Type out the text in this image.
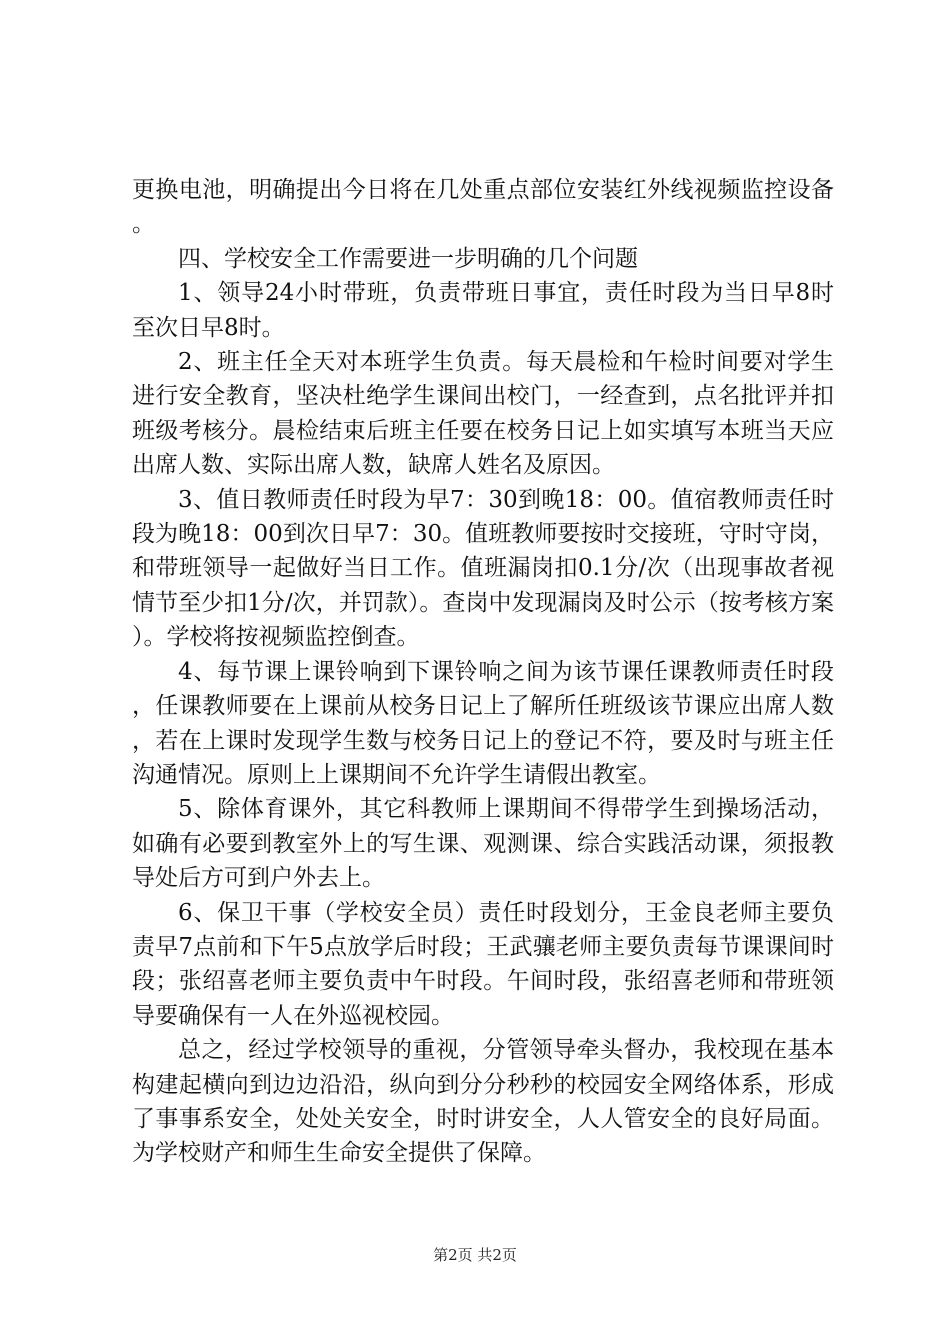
更换电池，明确提出今日将在几处重点部位安装红外线视频监控设备。

四、学校安全工作需要进一步明确的几个问题

1、领导24小时带班，负责带班日事宜，责任时段为当日早8时至次日早8时。

2、班主任全天对本班学生负责。每天晨检和午检时间要对学生进行安全教育，坚决杜绝学生课间出校门，一经查到，点名批评并扣班级考核分。晨检结束后班主任要在校务日记上如实填写本班当天应出席人数、实际出席人数，缺席人姓名及原因。

3、值日教师责任时段为早7：30到晚18：00。值宿教师责任时段为晚18：00到次日早7：30。值班教师要按时交接班，守时守岗，和带班领导一起做好当日工作。值班漏岗扣0.1分/次（出现事故者视情节至少扣1分/次，并罚款）。查岗中发现漏岗及时公示（按考核方案）。学校将按视频监控倒查。

4、每节课上课铃响到下课铃响之间为该节课任课教师责任时段，任课教师要在上课前从校务日记上了解所任班级该节课应出席人数，若在上课时发现学生数与校务日记上的登记不符，要及时与班主任沟通情况。原则上上课期间不允许学生请假出教室。

5、除体育课外，其它科教师上课期间不得带学生到操场活动，如确有必要到教室外上的写生课、观测课、综合实践活动课，须报教导处后方可到户外去上。

6、保卫干事（学校安全员）责任时段划分，王金良老师主要负责早7点前和下午5点放学后时段；王武骧老师主要负责每节课课间时段；张绍喜老师主要负责中午时段。午间时段，张绍喜老师和带班领导要确保有一人在外巡视校园。

总之，经过学校领导的重视，分管领导牵头督办，我校现在基本构建起横向到边边沿沿，纵向到分分秒秒的校园安全网络体系，形成了事事系安全，处处关安全，时时讲安全，人人管安全的良好局面。为学校财产和师生生命安全提供了保障。

第2页 共2页
